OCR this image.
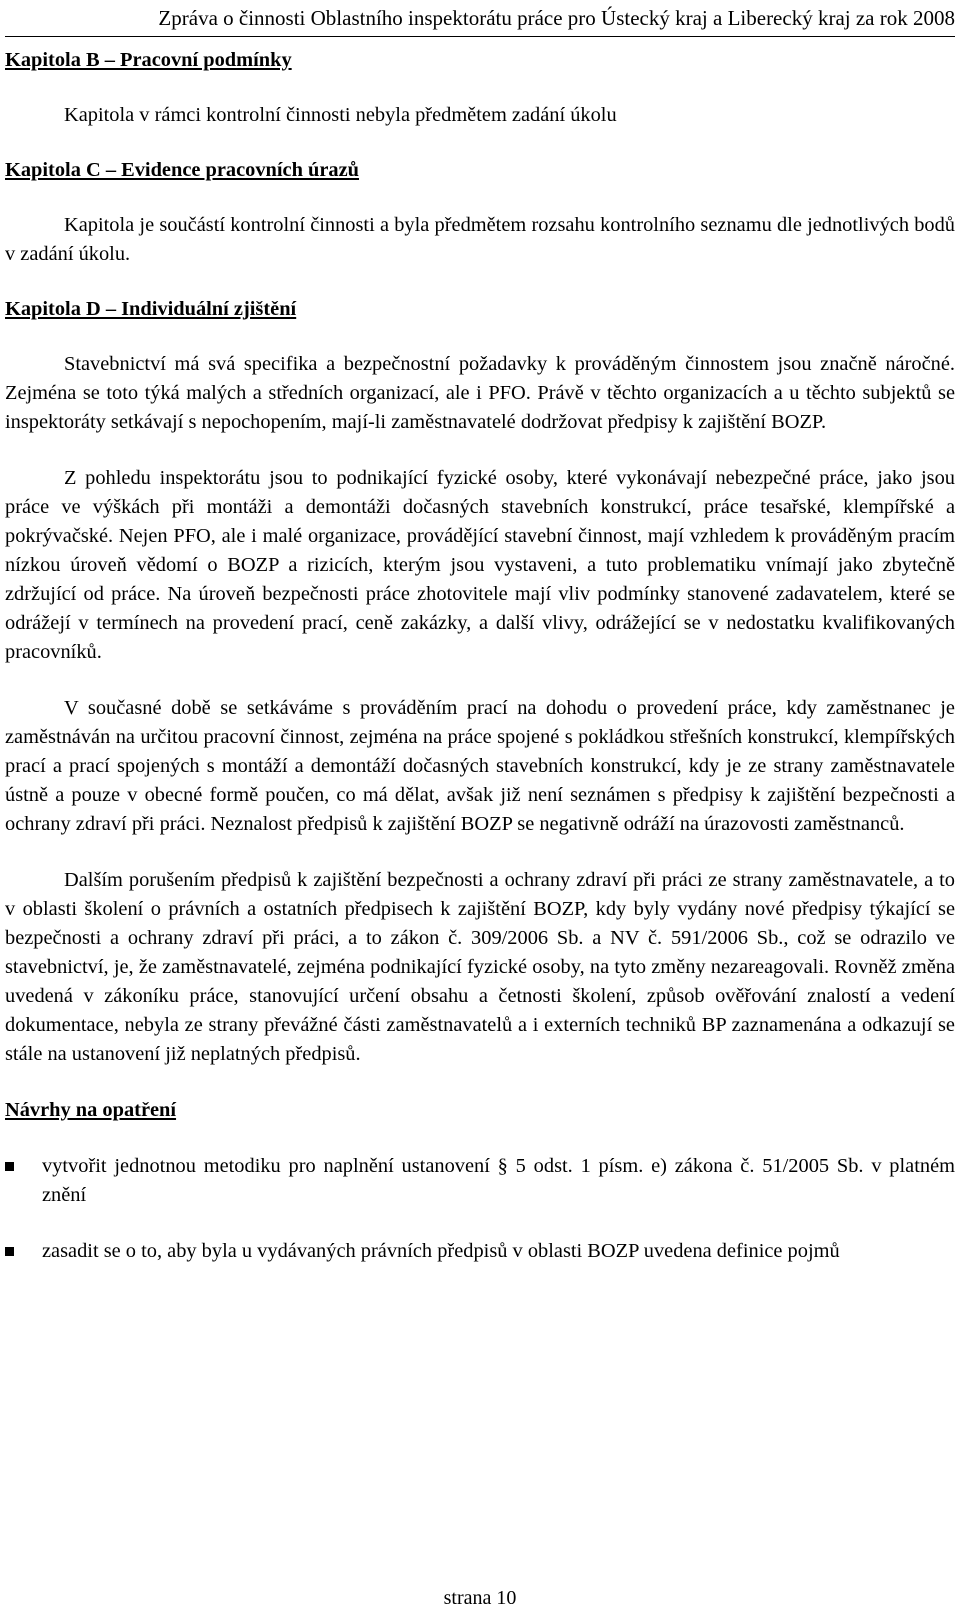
Zpráva o činnosti Oblastního inspektorátu práce pro Ústecký kraj a Liberecký kraj za rok 2008
Kapitola B – Pracovní podmínky

Kapitola v rámci kontrolní činnosti nebyla předmětem zadání úkolu

Kapitola C – Evidence pracovních úrazů

Kapitola je součástí kontrolní činnosti a byla předmětem rozsahu kontrolního seznamu dle jednotlivých bodů v zadání úkolu.

Kapitola D – Individuální zjištění

Stavebnictví má svá specifika a bezpečnostní požadavky k prováděným činnostem jsou značně náročné. Zejména se toto týká malých a středních organizací, ale i PFO. Právě v těchto organizacích a u těchto subjektů se inspektoráty setkávají s nepochopením, mají-li zaměstnavatelé dodržovat předpisy k zajištění BOZP.

Z pohledu inspektorátu jsou to podnikající fyzické osoby, které vykonávají nebezpečné práce, jako jsou práce ve výškách při montáži a demontáži dočasných stavebních konstrukcí, práce tesařské, klempířské a pokrývačské. Nejen PFO, ale i malé organizace, provádějící stavební činnost, mají vzhledem k prováděným pracím nízkou úroveň vědomí o BOZP a rizicích, kterým jsou vystaveni, a tuto problematiku vnímají jako zbytečně zdržující od práce. Na úroveň bezpečnosti práce zhotovitele mají vliv podmínky stanovené zadavatelem, které se odrážejí v termínech na provedení prací, ceně zakázky, a další vlivy, odrážející se v nedostatku kvalifikovaných pracovníků.

V současné době se setkáváme s prováděním prací na dohodu o provedení práce, kdy zaměstnanec je zaměstnáván na určitou pracovní činnost, zejména na práce spojené s pokládkou střešních konstrukcí, klempířských prací a prací spojených s montáží a demontáží dočasných stavebních konstrukcí, kdy je ze strany zaměstnavatele ústně a pouze v obecné formě poučen, co má dělat, avšak již není seznámen s předpisy k zajištění bezpečnosti a ochrany zdraví při práci. Neznalost předpisů k zajištění BOZP se negativně odráží na úrazovosti zaměstnanců.

Dalším porušením předpisů k zajištění bezpečnosti a ochrany zdraví při práci ze strany zaměstnavatele, a to v oblasti školení o právních a ostatních předpisech k zajištění BOZP, kdy byly vydány nové předpisy týkající se bezpečnosti a ochrany zdraví při práci, a to zákon č. 309/2006 Sb. a NV č. 591/2006 Sb., což se odrazilo ve stavebnictví, je, že zaměstnavatelé, zejména podnikající fyzické osoby, na tyto změny nezareagovali. Rovněž změna uvedená v zákoníku práce, stanovující určení obsahu a četnosti školení, způsob ověřování znalostí a vedení dokumentace, nebyla ze strany převážné části zaměstnavatelů a i externích techniků BP zaznamenána a odkazují se stále na ustanovení již neplatných předpisů.

Návrhy na opatření
vytvořit jednotnou metodiku pro naplnění ustanovení § 5 odst. 1 písm. e) zákona č. 51/2005 Sb. v platném znění
zasadit se o to, aby byla u vydávaných právních předpisů v oblasti BOZP uvedena definice pojmů
strana 10
